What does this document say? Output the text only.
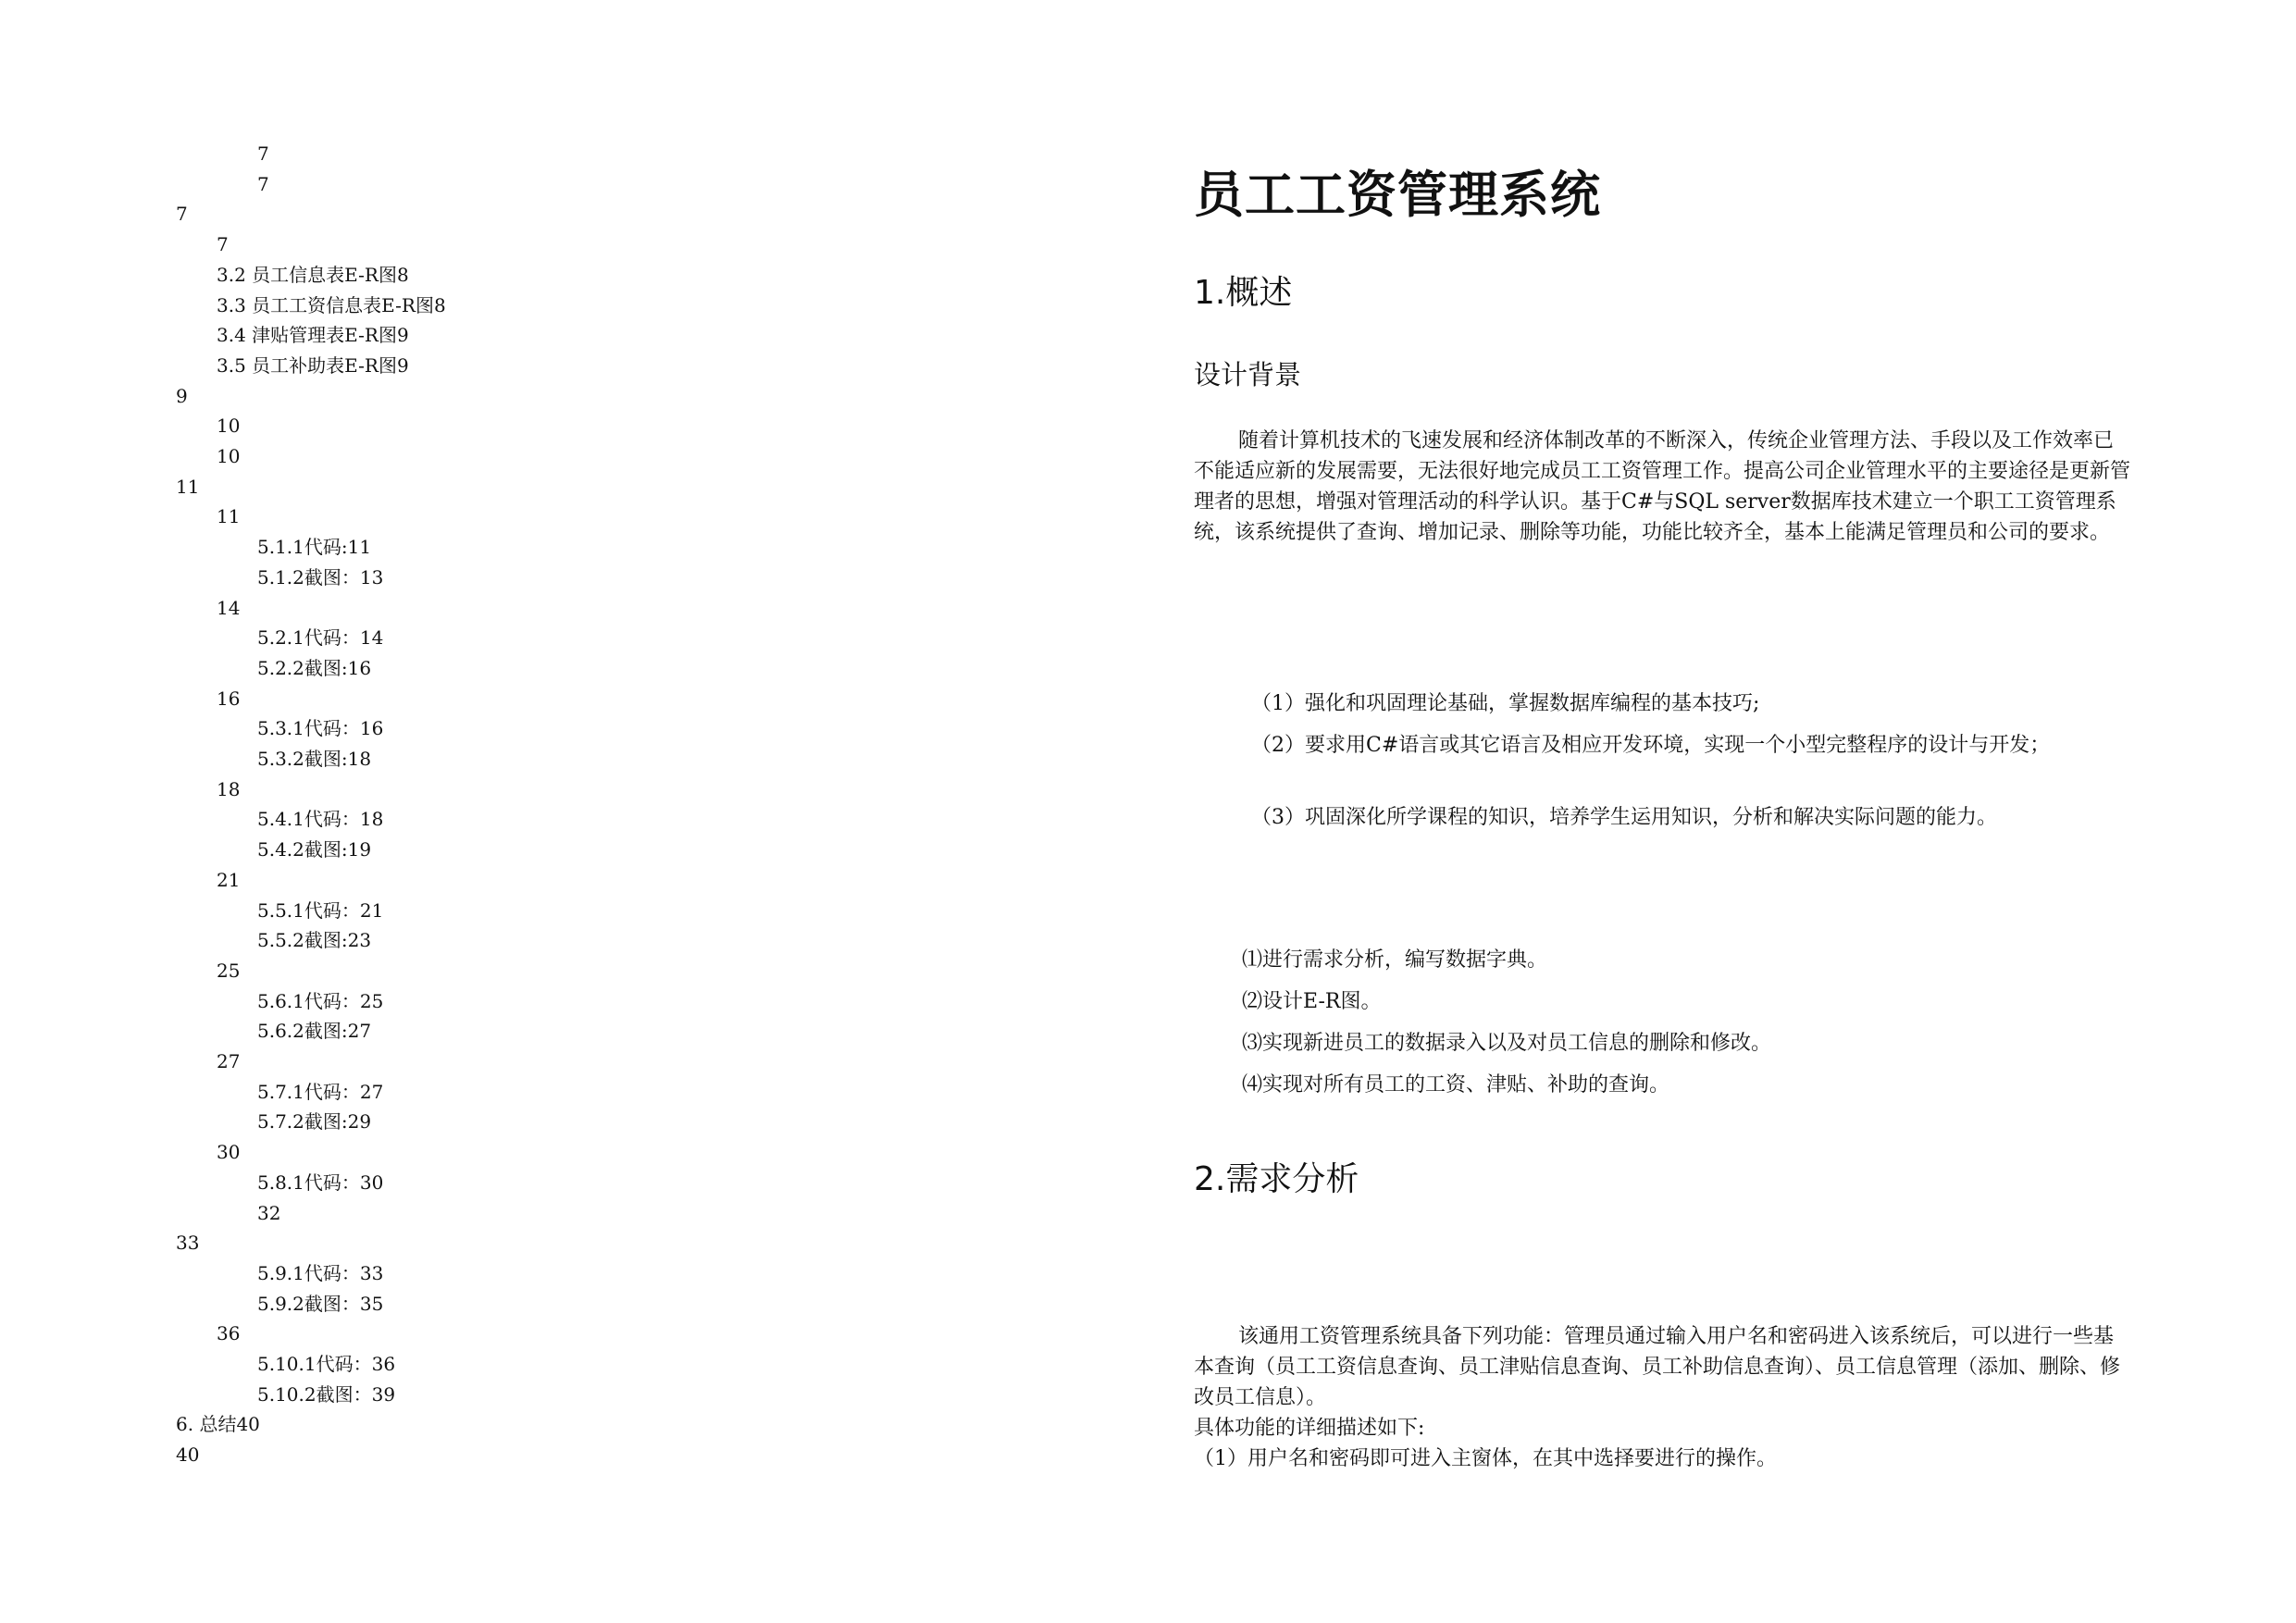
7
7
7
7
3.2 员工信息表E-R图8
3.3 员工工资信息表E-R图8
3.4 津贴管理表E-R图9
3.5 员工补助表E-R图9
9
10
10
11
11
5.1.1代码:11
5.1.2截图：13
14
5.2.1代码：14
5.2.2截图:16
16
5.3.1代码：16
5.3.2截图:18
18
5.4.1代码：18
5.4.2截图:19
21
5.5.1代码：21
5.5.2截图:23
25
5.6.1代码：25
5.6.2截图:27
27
5.7.1代码：27
5.7.2截图:29
30
5.8.1代码：30
32
33
5.9.1代码：33
5.9.2截图：35
36
5.10.1代码：36
5.10.2截图：39
6. 总结40
40
员工工资管理系统
1.概述
设计背景

随着计算机技术的飞速发展和经济体制改革的不断深入，传统企业管理方法、手段以及工作效率已不能适应新的发展需要，无法很好地完成员工工资管理工作。提高公司企业管理水平的主要途径是更新管理者的思想，增强对管理活动的科学认识。基于C#与SQL server数据库技术建立一个职工工资管理系统，该系统提供了查询、增加记录、删除等功能，功能比较齐全，基本上能满足管理员和公司的要求。

（1）强化和巩固理论基础，掌握数据库编程的基本技巧;
（2）要求用C#语言或其它语言及相应开发环境，实现一个小型完整程序的设计与开发；
（3）巩固深化所学课程的知识，培养学生运用知识，分析和解决实际问题的能力。
⑴进行需求分析，编写数据字典。
⑵设计E-R图。
⑶实现新进员工的数据录入以及对员工信息的删除和修改。
⑷实现对所有员工的工资、津贴、补助的查询。
2.需求分析

该通用工资管理系统具备下列功能：管理员通过输入用户名和密码进入该系统后，可以进行一些基本查询（员工工资信息查询、员工津贴信息查询、员工补助信息查询）、员工信息管理（添加、删除、修改员工信息）。

具体功能的详细描述如下:

（1）用户名和密码即可进入主窗体，在其中选择要进行的操作。
